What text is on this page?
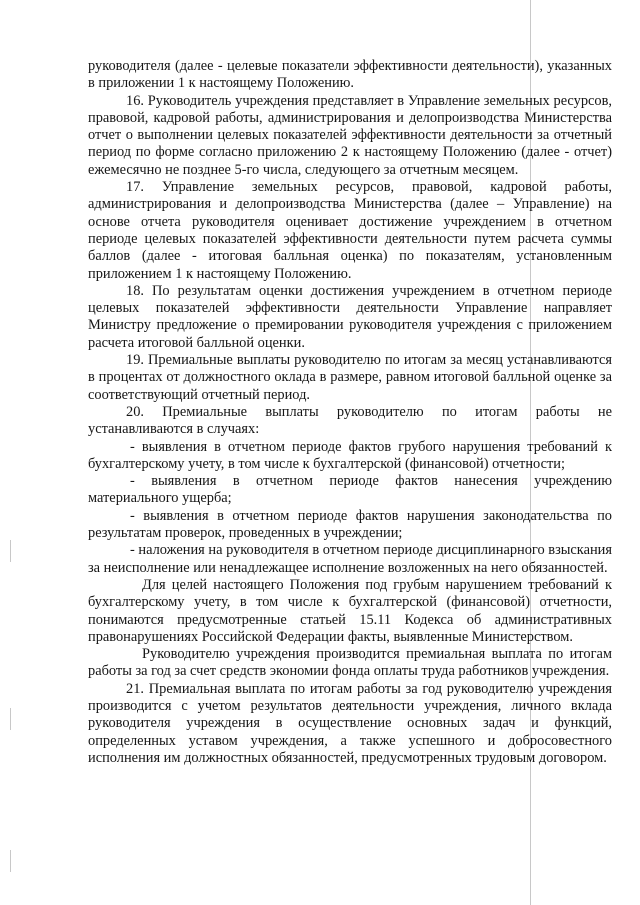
руководителя (далее - целевые показатели эффективности деятельности), указанных в приложении 1 к настоящему Положению.

16. Руководитель учреждения представляет в Управление земельных ресурсов, правовой, кадровой работы, администрирования и делопроизводства Министерства отчет о выполнении целевых показателей эффективности деятельности за отчетный период по форме согласно приложению 2 к настоящему Положению (далее - отчет) ежемесячно не позднее 5-го числа, следующего за отчетным месяцем.

17. Управление земельных ресурсов, правовой, кадровой работы, администрирования и делопроизводства Министерства (далее – Управление) на основе отчета руководителя оценивает достижение учреждением в отчетном периоде целевых показателей эффективности деятельности путем расчета суммы баллов (далее - итоговая балльная оценка) по показателям, установленным приложением 1 к настоящему Положению.

18. По результатам оценки достижения учреждением в отчетном периоде целевых показателей эффективности деятельности Управление направляет Министру предложение о премировании руководителя учреждения с приложением расчета итоговой балльной оценки.

19. Премиальные выплаты руководителю по итогам за месяц устанавливаются в процентах от должностного оклада в размере, равном итоговой балльной оценке за соответствующий отчетный период.

20. Премиальные выплаты руководителю по итогам работы не устанавливаются в случаях:

- выявления в отчетном периоде фактов грубого нарушения требований к бухгалтерскому учету, в том числе к бухгалтерской (финансовой) отчетности;

- выявления в отчетном периоде фактов нанесения учреждению материального ущерба;

- выявления в отчетном периоде фактов нарушения законодательства по результатам проверок, проведенных в учреждении;

- наложения на руководителя в отчетном периоде дисциплинарного взыскания за неисполнение или ненадлежащее исполнение возложенных на него обязанностей.

Для целей настоящего Положения под грубым нарушением требований к бухгалтерскому учету, в том числе к бухгалтерской (финансовой) отчетности, понимаются предусмотренные статьей 15.11 Кодекса об административных правонарушениях Российской Федерации факты, выявленные Министерством.

Руководителю учреждения производится премиальная выплата по итогам работы за год за счет средств экономии фонда оплаты труда работников учреждения.

21. Премиальная выплата по итогам работы за год руководителю учреждения производится с учетом результатов деятельности учреждения, личного вклада руководителя учреждения в осуществление основных задач и функций, определенных уставом учреждения, а также успешного и добросовестного исполнения им должностных обязанностей, предусмотренных трудовым договором.
